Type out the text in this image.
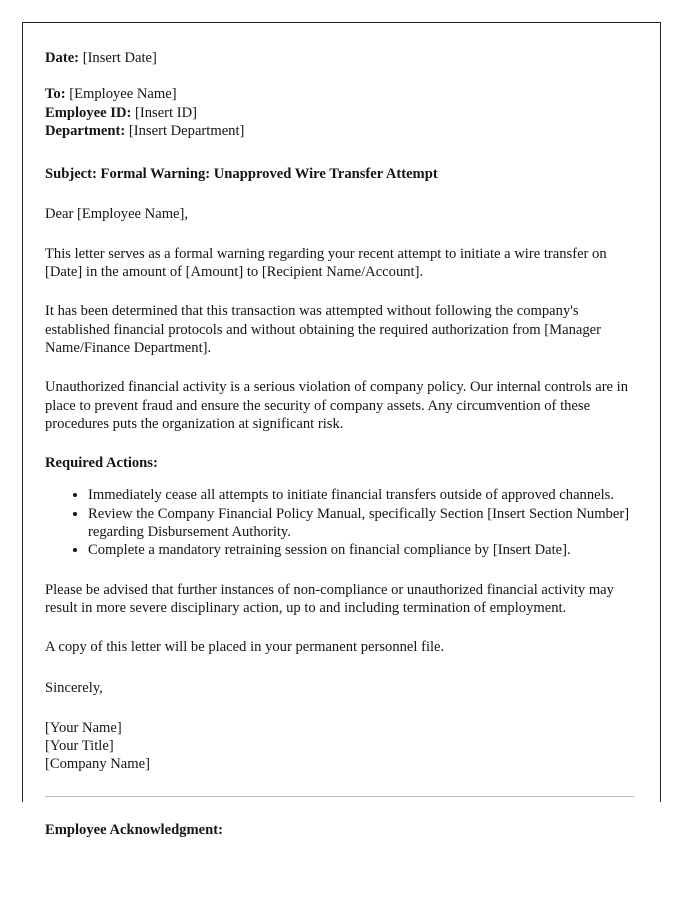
Date: [Insert Date]
To: [Employee Name]
Employee ID: [Insert ID]
Department: [Insert Department]
Subject: Formal Warning: Unapproved Wire Transfer Attempt
Dear [Employee Name],

This letter serves as a formal warning regarding your recent attempt to initiate a wire transfer on [Date] in the amount of [Amount] to [Recipient Name/Account].

It has been determined that this transaction was attempted without following the company's established financial protocols and without obtaining the required authorization from [Manager Name/Finance Department].

Unauthorized financial activity is a serious violation of company policy. Our internal controls are in place to prevent fraud and ensure the security of company assets. Any circumvention of these procedures puts the organization at significant risk.

Required Actions:
• Immediately cease all attempts to initiate financial transfers outside of approved channels.
• Review the Company Financial Policy Manual, specifically Section [Insert Section Number] regarding Disbursement Authority.
• Complete a mandatory retraining session on financial compliance by [Insert Date].

Please be advised that further instances of non-compliance or unauthorized financial activity may result in more severe disciplinary action, up to and including termination of employment.

A copy of this letter will be placed in your permanent personnel file.

Sincerely,
[Your Name]
[Your Title]
[Company Name]
Employee Acknowledgment:
